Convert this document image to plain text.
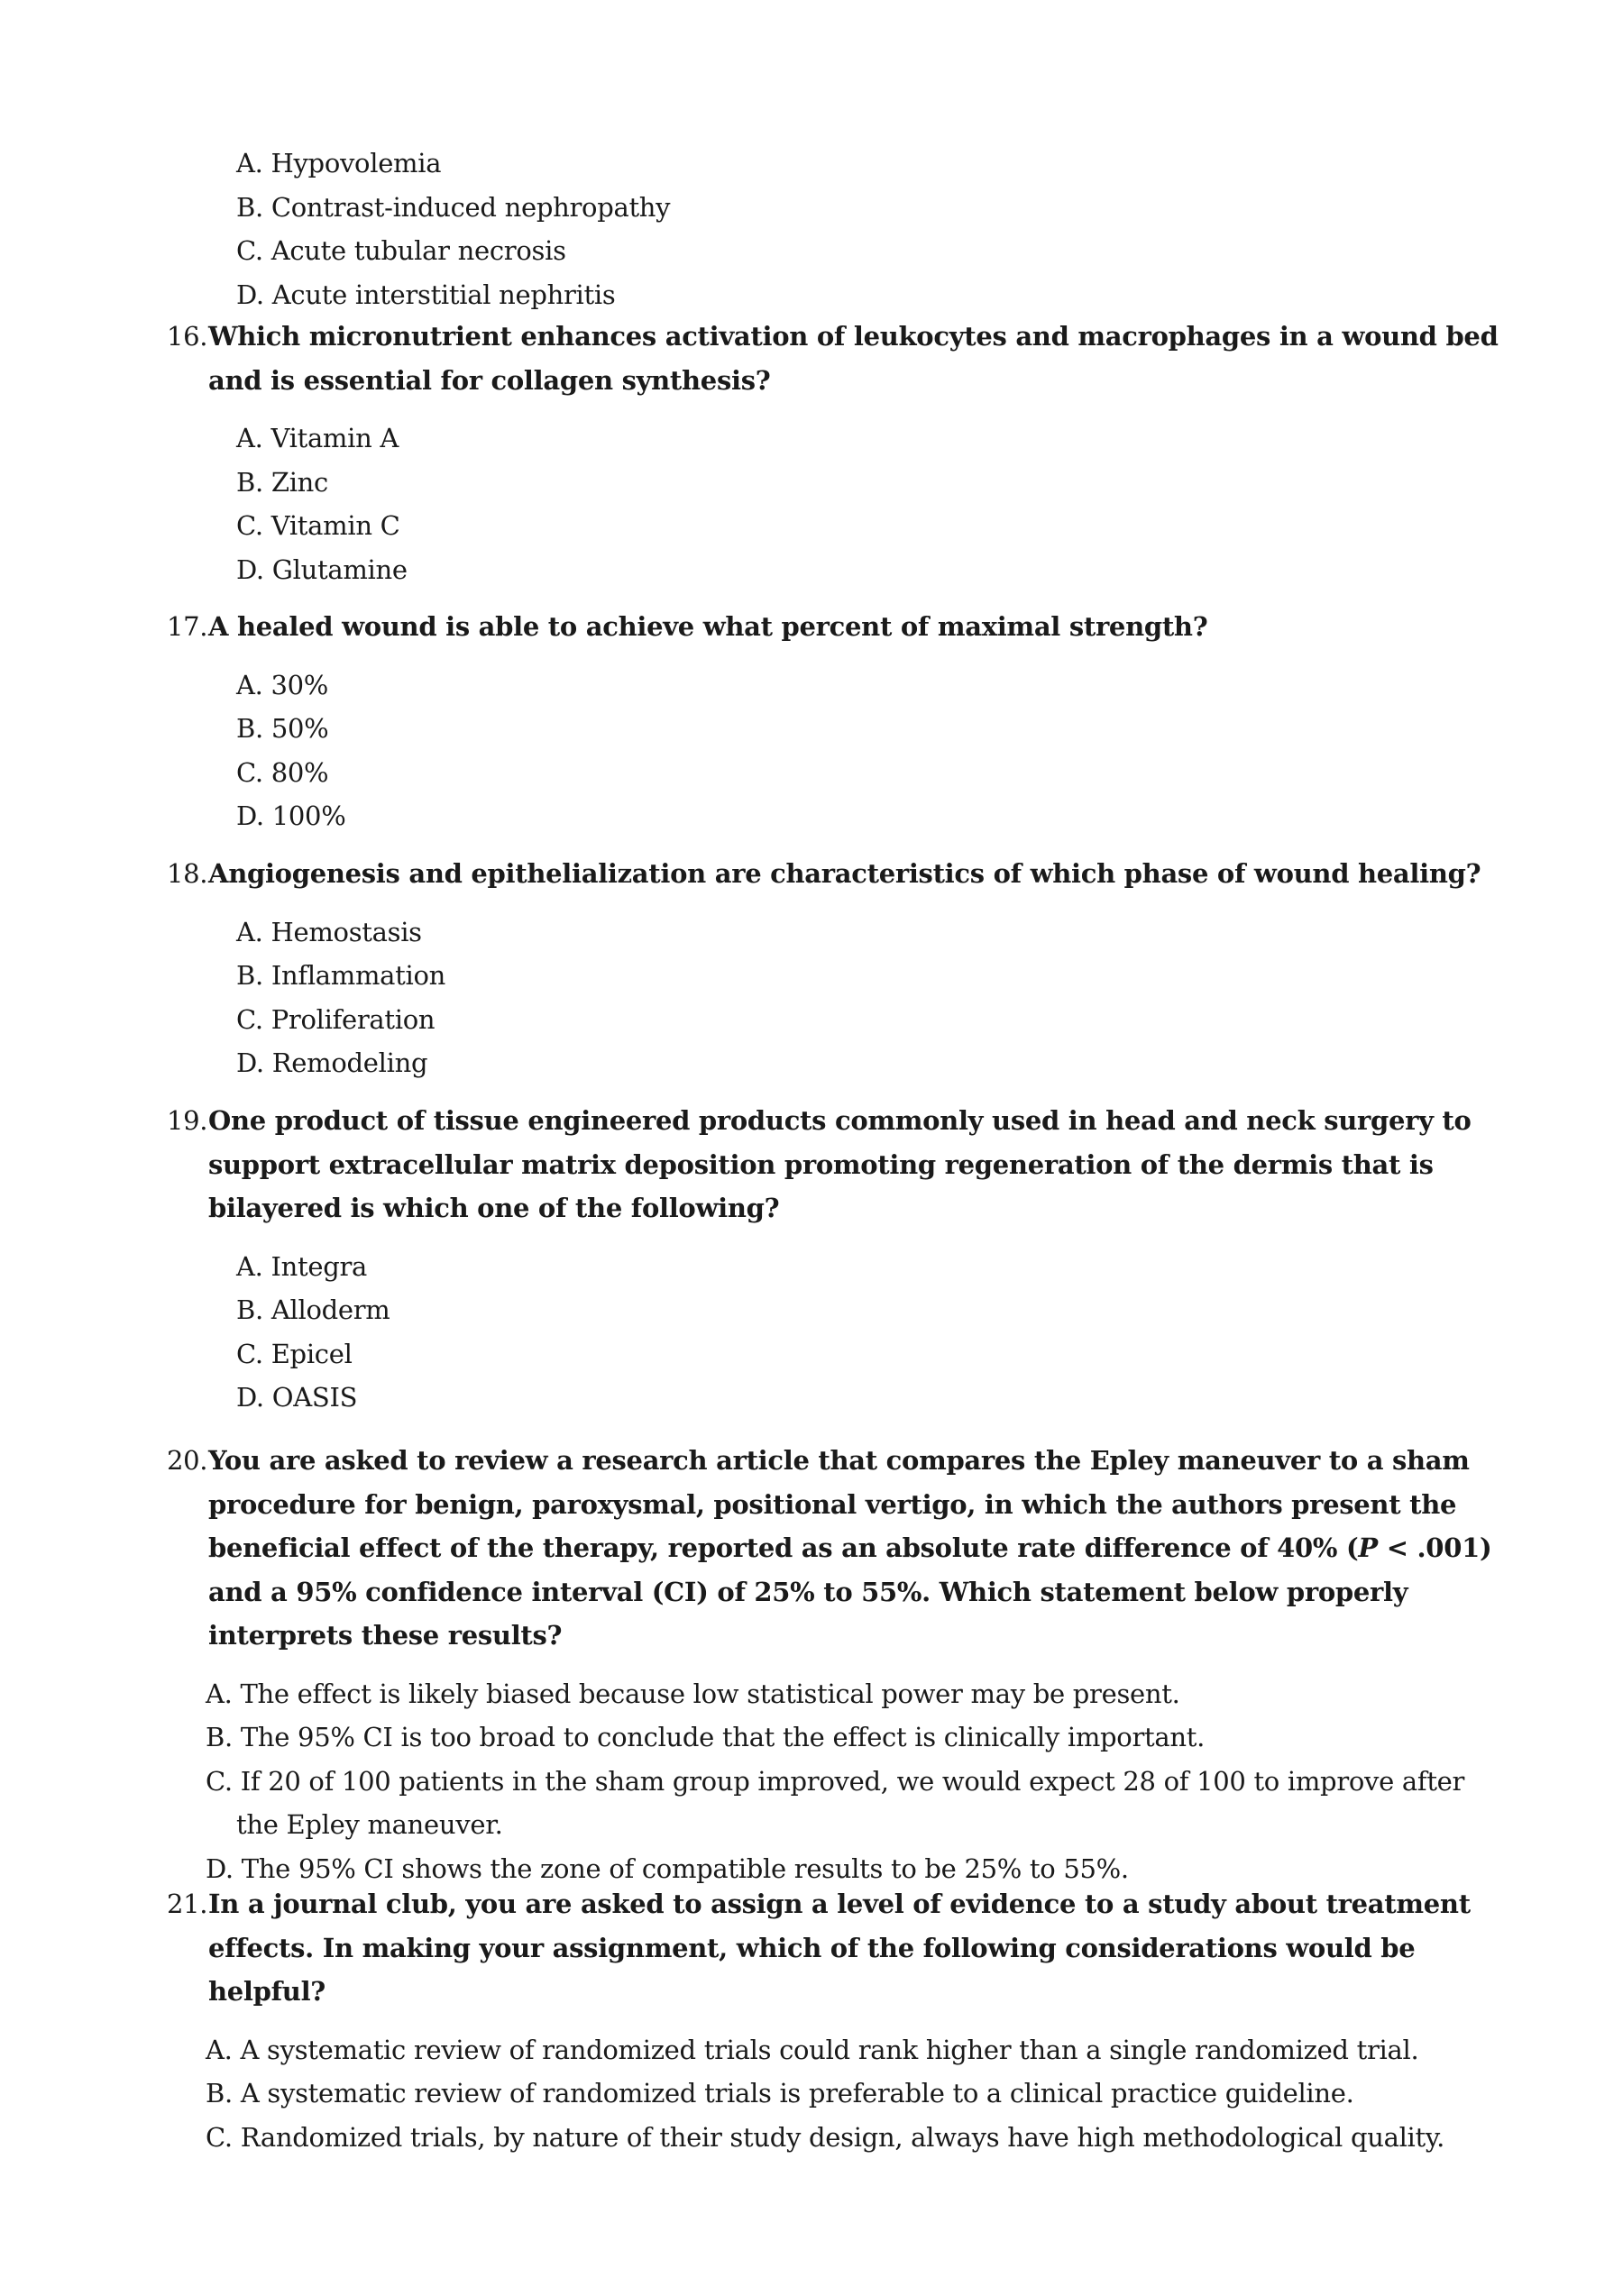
A. Hypovolemia
B. Contrast-induced nephropathy
C. Acute tubular necrosis
D. Acute interstitial nephritis
16. Which micronutrient enhances activation of leukocytes and macrophages in a wound bed and is essential for collagen synthesis?
A. Vitamin A
B. Zinc
C. Vitamin C
D. Glutamine
17. A healed wound is able to achieve what percent of maximal strength?
A. 30%
B. 50%
C. 80%
D. 100%
18. Angiogenesis and epithelialization are characteristics of which phase of wound healing?
A. Hemostasis
B. Inflammation
C. Proliferation
D. Remodeling
19. One product of tissue engineered products commonly used in head and neck surgery to support extracellular matrix deposition promoting regeneration of the dermis that is bilayered is which one of the following?
A. Integra
B. Alloderm
C. Epicel
D. OASIS
20. You are asked to review a research article that compares the Epley maneuver to a sham procedure for benign, paroxysmal, positional vertigo, in which the authors present the beneficial effect of the therapy, reported as an absolute rate difference of 40% (P < .001) and a 95% confidence interval (CI) of 25% to 55%. Which statement below properly interprets these results?
A. The effect is likely biased because low statistical power may be present.
B. The 95% CI is too broad to conclude that the effect is clinically important.
C. If 20 of 100 patients in the sham group improved, we would expect 28 of 100 to improve after the Epley maneuver.
D. The 95% CI shows the zone of compatible results to be 25% to 55%.
21. In a journal club, you are asked to assign a level of evidence to a study about treatment effects. In making your assignment, which of the following considerations would be helpful?
A. A systematic review of randomized trials could rank higher than a single randomized trial.
B. A systematic review of randomized trials is preferable to a clinical practice guideline.
C. Randomized trials, by nature of their study design, always have high methodological quality.
